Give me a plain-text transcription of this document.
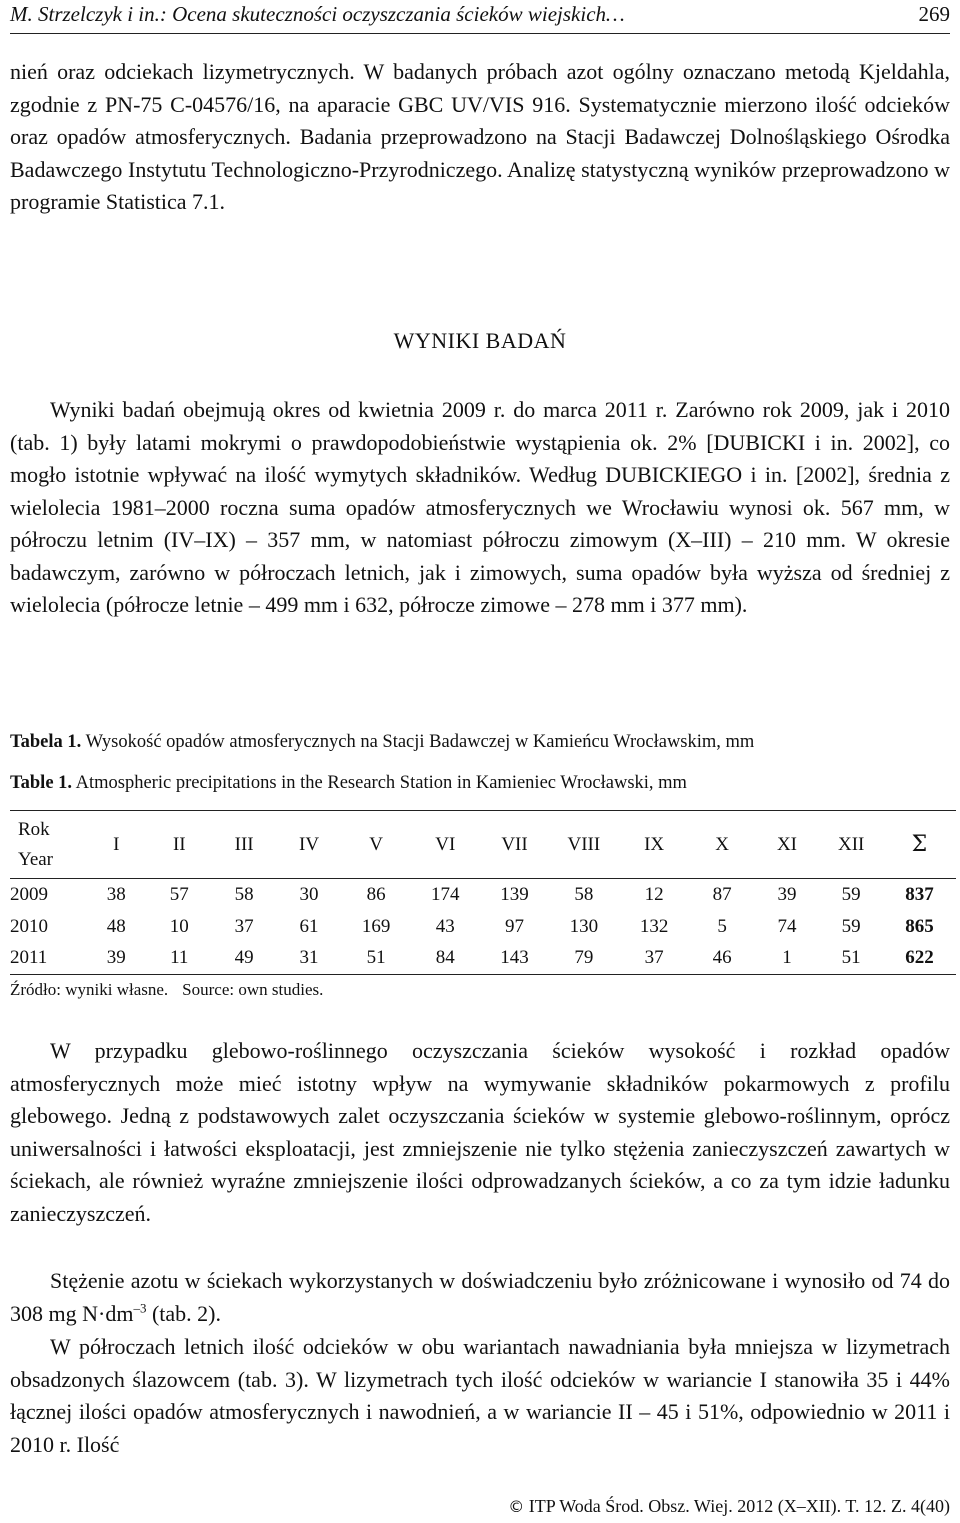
M. Strzelczyk i in.: Ocena skuteczności oczyszczania ścieków wiejskich…	269

nień oraz odciekach lizymetrycznych. W badanych próbach azot ogólny oznaczano metodą Kjeldahla, zgodnie z PN-75 C-04576/16, na aparacie GBC UV/VIS 916. Systematycznie mierzono ilość odcieków oraz opadów atmosferycznych. Badania przeprowadzono na Stacji Badawczej Dolnośląskiego Ośrodka Badawczego Instytutu Technologiczno-Przyrodniczego. Analizę statystyczną wyników przeprowadzono w programie Statistica 7.1.

WYNIKI BADAŃ

Wyniki badań obejmują okres od kwietnia 2009 r. do marca 2011 r. Zarówno rok 2009, jak i 2010 (tab. 1) były latami mokrymi o prawdopodobieństwie wystąpienia ok. 2% [DUBICKI i in. 2002], co mogło istotnie wpływać na ilość wymytych składników. Według DUBICKIEGO i in. [2002], średnia z wielolecia 1981–2000 roczna suma opadów atmosferycznych we Wrocławiu wynosi ok. 567 mm, w półroczu letnim (IV–IX) – 357 mm, w natomiast półroczu zimowym (X–III) – 210 mm. W okresie badawczym, zarówno w półroczach letnich, jak i zimowych, suma opadów była wyższa od średniej z wielolecia (półrocze letnie – 499 mm i 632, półrocze zimowe – 278 mm i 377 mm).

Tabela 1. Wysokość opadów atmosferycznych na Stacji Badawczej w Kamieńcu Wrocławskim, mm
Table 1. Atmospheric precipitations in the Research Station in Kamieniec Wrocławski, mm
Rok
Year	I	II	III	IV	V	VI	VII	VIII	IX	X	XI	XII	Σ
2009	38	57	58	30	86	174	139	58	12	87	39	59	837
2010	48	10	37	61	169	43	97	130	132	5	74	59	865
2011	39	11	49	31	51	84	143	79	37	46	1	51	622
Źródło: wyniki własne. Source: own studies.

W przypadku glebowo-roślinnego oczyszczania ścieków wysokość i rozkład opadów atmosferycznych może mieć istotny wpływ na wymywanie składników pokarmowych z profilu glebowego. Jedną z podstawowych zalet oczyszczania ścieków w systemie glebowo-roślinnym, oprócz uniwersalności i łatwości eksploatacji, jest zmniejszenie nie tylko stężenia zanieczyszczeń zawartych w ściekach, ale również wyraźne zmniejszenie ilości odprowadzanych ścieków, a co za tym idzie ładunku zanieczyszczeń.

Stężenie azotu w ściekach wykorzystanych w doświadczeniu było zróżnicowane i wynosiło od 74 do 308 mg $N\cdot dm^{-3}$ (tab. 2).

W półroczach letnich ilość odcieków w obu wariantach nawadniania była mniejsza w lizymetrach obsadzonych ślazowcem (tab. 3). W lizymetrach tych ilość odcieków w wariancie I stanowiła 35 i 44% łącznej ilości opadów atmosferycznych i nawodnień, a w wariancie II – 45 i 51%, odpowiednio w 2011 i 2010 r. Ilość

© ITP Woda Środ. Obsz. Wiej. 2012 (X–XII). T. 12. Z. 4(40)
